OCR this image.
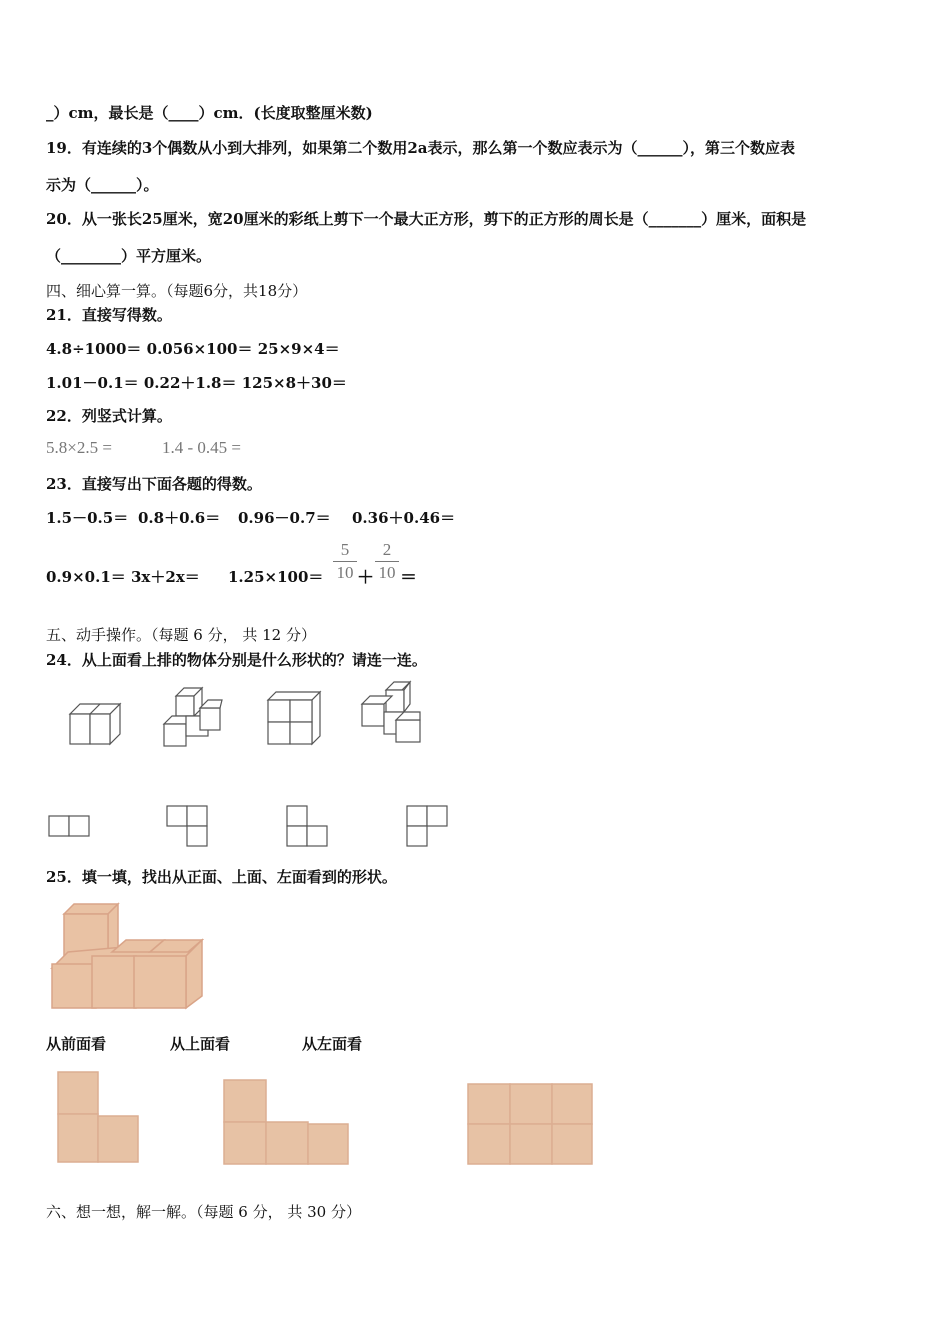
_）cm，最长是（____）cm．(长度取整厘米数)
19．有连续的3个偶数从小到大排列，如果第二个数用2a表示，那么第一个数应表示为（______），第三个数应表
示为（______）。
20．从一张长25厘米，宽20厘米的彩纸上剪下一个最大正方形，剪下的正方形的周长是（_______）厘米，面积是
（________）平方厘米。
四、细心算一算。（每题6分，共18分）
21．直接写得数。
4.8÷1000＝ 0.056×100＝ 25×9×4＝
1.01－0.1＝ 0.22＋1.8＝ 125×8＋30＝
22．列竖式计算。
5.8×2.5 =	1.4 - 0.45 =
23．直接写出下面各题的得数。
1.5－0.5＝ 0.8＋0.6＝ 0.96－0.7＝ 0.36＋0.46＝
$0.9\times 0.1= 3x+2x= 1.25\times 100= \frac{5}{10} + \frac{2}{10}$ ＝
五、动手操作。（每题 6 分， 共 12 分）
24．从上面看上排的物体分别是什么形状的？请连一连。
25．填一填，找出从正面、上面、左面看到的形状。
从前面看	从上面看	从左面看
六、想一想，解一解。（每题 6 分， 共 30 分）
